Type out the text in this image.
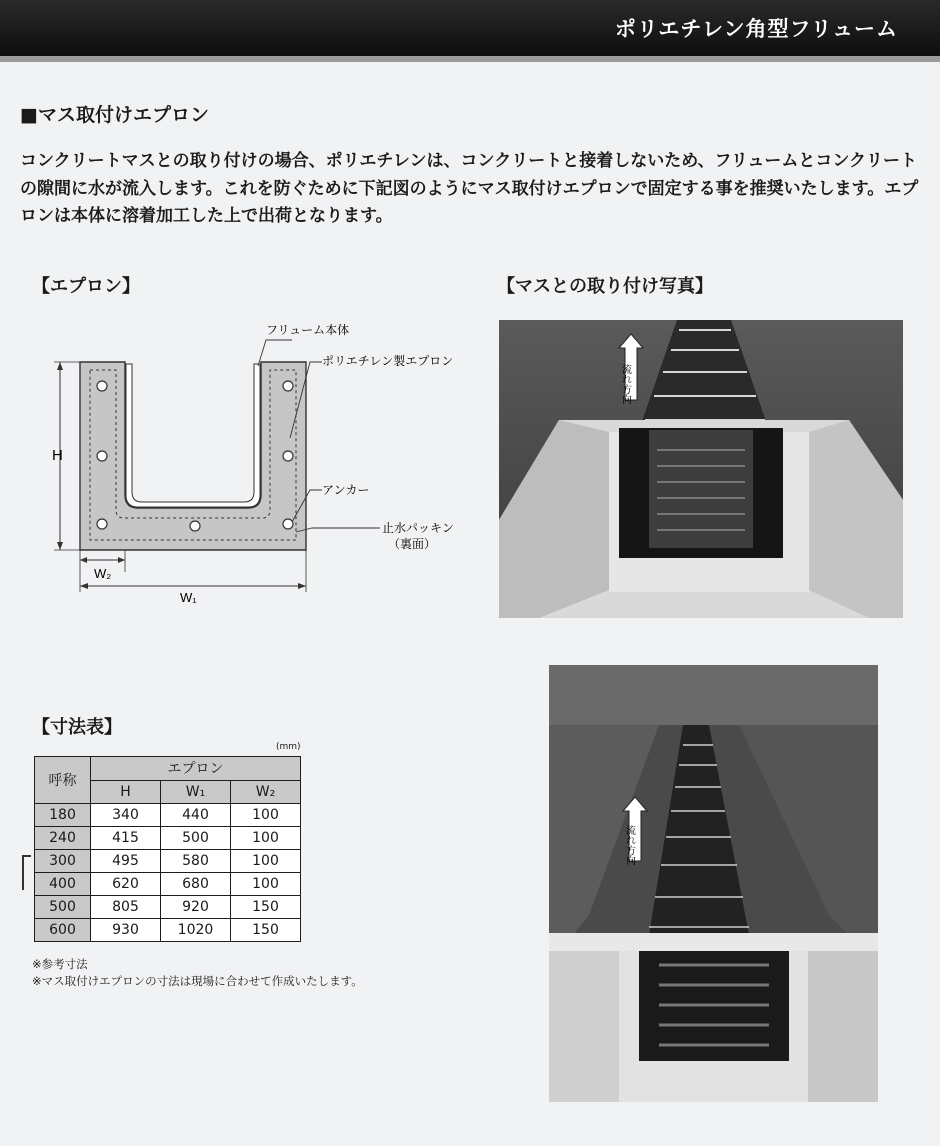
ポリエチレン角型フリューム
■マス取付けエプロン
コンクリートマスとの取り付けの場合、ポリエチレンは、コンクリートと接着しないため、フリュームとコンクリートの隙間に水が流入します。これを防ぐために下記図のようにマス取付けエプロンで固定する事を推奨いたします。エプロンは本体に溶着加工した上で出荷となります。
【エプロン】
H
W₂
W₁
フリューム本体
ポリエチレン製エプロン
アンカー
止水パッキン
（裏面）
【マスとの取り付け写真】
流れ方向
流れ方向
【寸法表】
(mm)
呼称	エプロン		
	H	W₁	W₂
180	340	440	100
240	415	500	100
300	495	580	100
400	620	680	100
500	805	920	150
600	930	1020	150
※参考寸法
※マス取付けエプロンの寸法は現場に合わせて作成いたします。
